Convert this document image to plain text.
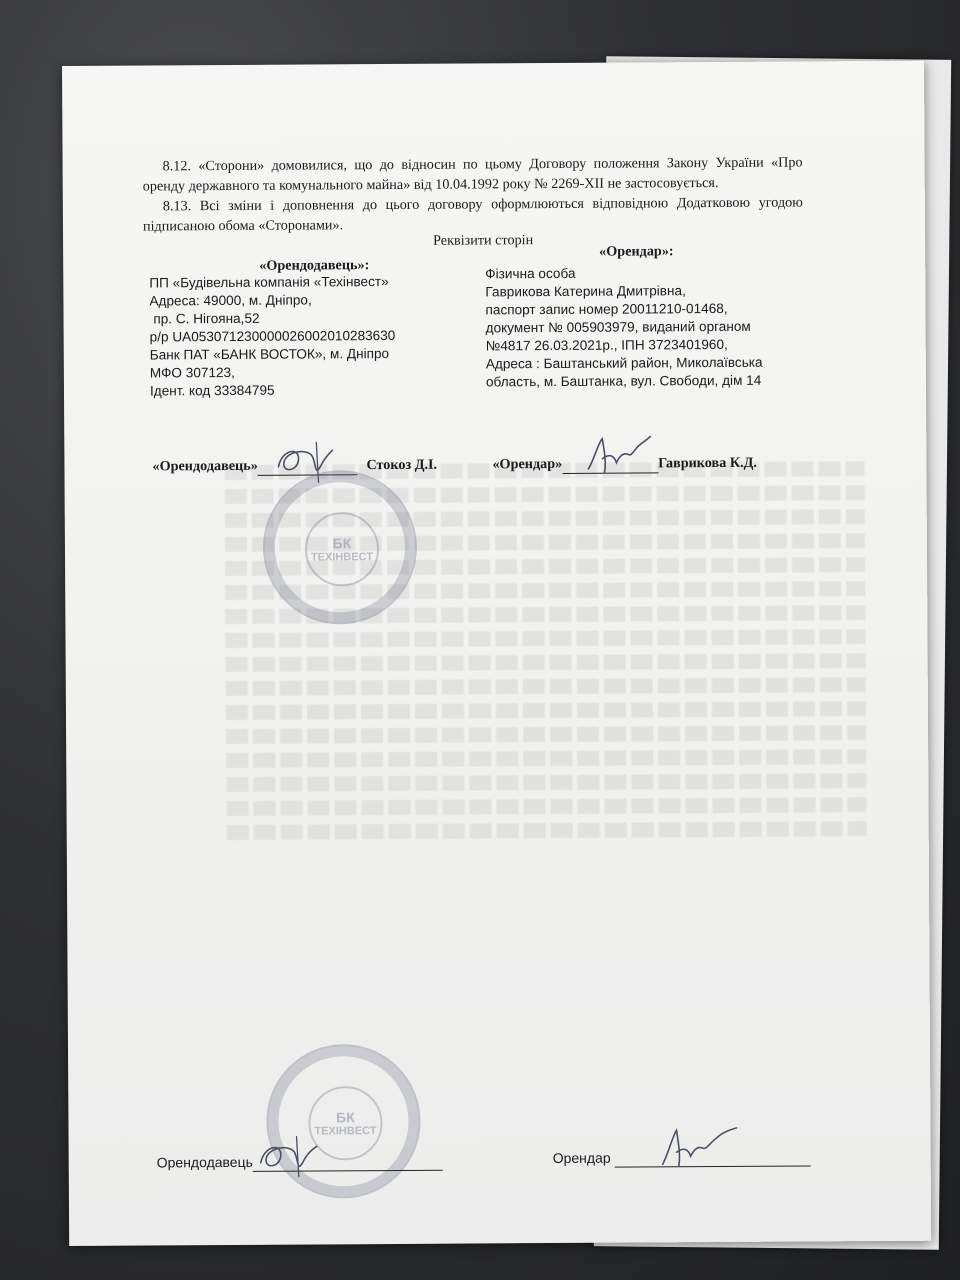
8.12. «Сторони» домовилися, що до відносин по цьому Договору положення Закону України «Про
оренду державного та комунального майна» від 10.04.1992 року № 2269-XII не застосовується.
8.13. Всі зміни і доповнення до цього договору оформлюються відповідною Додатковою угодою
підписаною обома «Сторонами».
Реквізити сторін
«Орендодавець»:
ПП «Будівельна компанія «Техінвест»
Адреса: 49000, м. Дніпро,
пр. С. Нігояна,52
р/р UA053071230000026002010283630
Банк ПАТ «БАНК ВОСТОК», м. Дніпро
МФО 307123,
Ідент. код 33384795
«Орендар»:
Фізична особа
Гаврикова Катерина Дмитрівна,
паспорт запис номер 20011210-01468,
документ № 005903979, виданий органом
№4817 26.03.2021р., ІПН 3723401960,
Адреса : Баштанський район, Миколаївська
область, м. Баштанка, вул. Свободи, дім 14
«Орендодавець»	Стокоз Д.І.	«Орендар»	Гаврикова К.Д.
БК
ТЕХІНВЕСТ
БК
ТЕХІНВЕСТ
Орендодавець	Орендар
